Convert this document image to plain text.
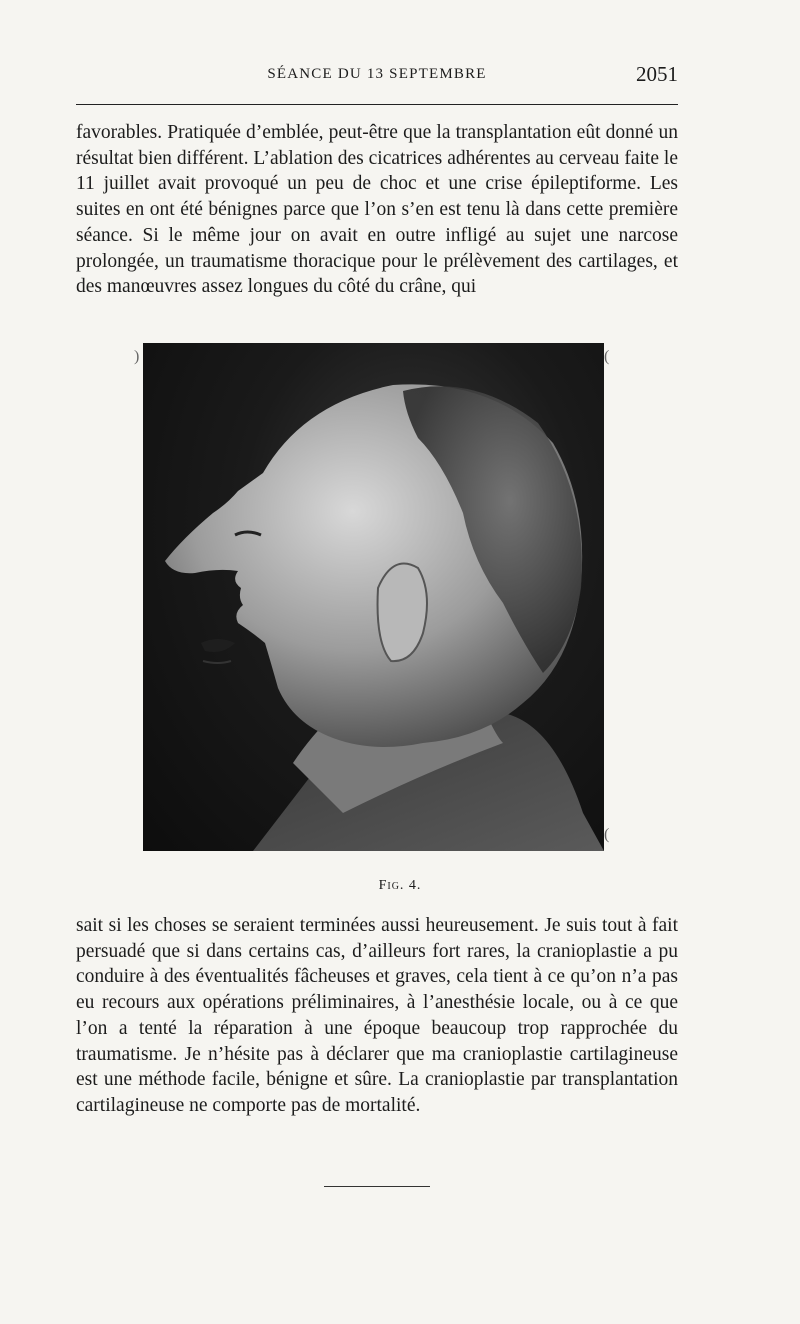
SÉANCE DU 13 SEPTEMBRE	2051

favorables. Pratiquée d’emblée, peut-être que la transplantation eût donné un résultat bien différent. L’ablation des cicatrices adhérentes au cerveau faite le 11 juillet avait provoqué un peu de choc et une crise épileptiforme. Les suites en ont été bénignes parce que l’on s’en est tenu là dans cette première séance. Si le même jour on avait en outre infligé au sujet une narcose prolongée, un traumatisme thoracique pour le prélèvement des cartilages, et des manœuvres assez longues du côté du crâne, qui

)	(
(
Fig. 4.

sait si les choses se seraient terminées aussi heureusement. Je suis tout à fait persuadé que si dans certains cas, d’ailleurs fort rares, la cranioplastie a pu conduire à des éventualités fâcheuses et graves, cela tient à ce qu’on n’a pas eu recours aux opérations préliminaires, à l’anesthésie locale, ou à ce que l’on a tenté la réparation à une époque beaucoup trop rapprochée du traumatisme. Je n’hésite pas à déclarer que ma cranioplastie cartilagineuse est une méthode facile, bénigne et sûre. La cranioplastie par transplantation cartilagineuse ne comporte pas de mortalité.
